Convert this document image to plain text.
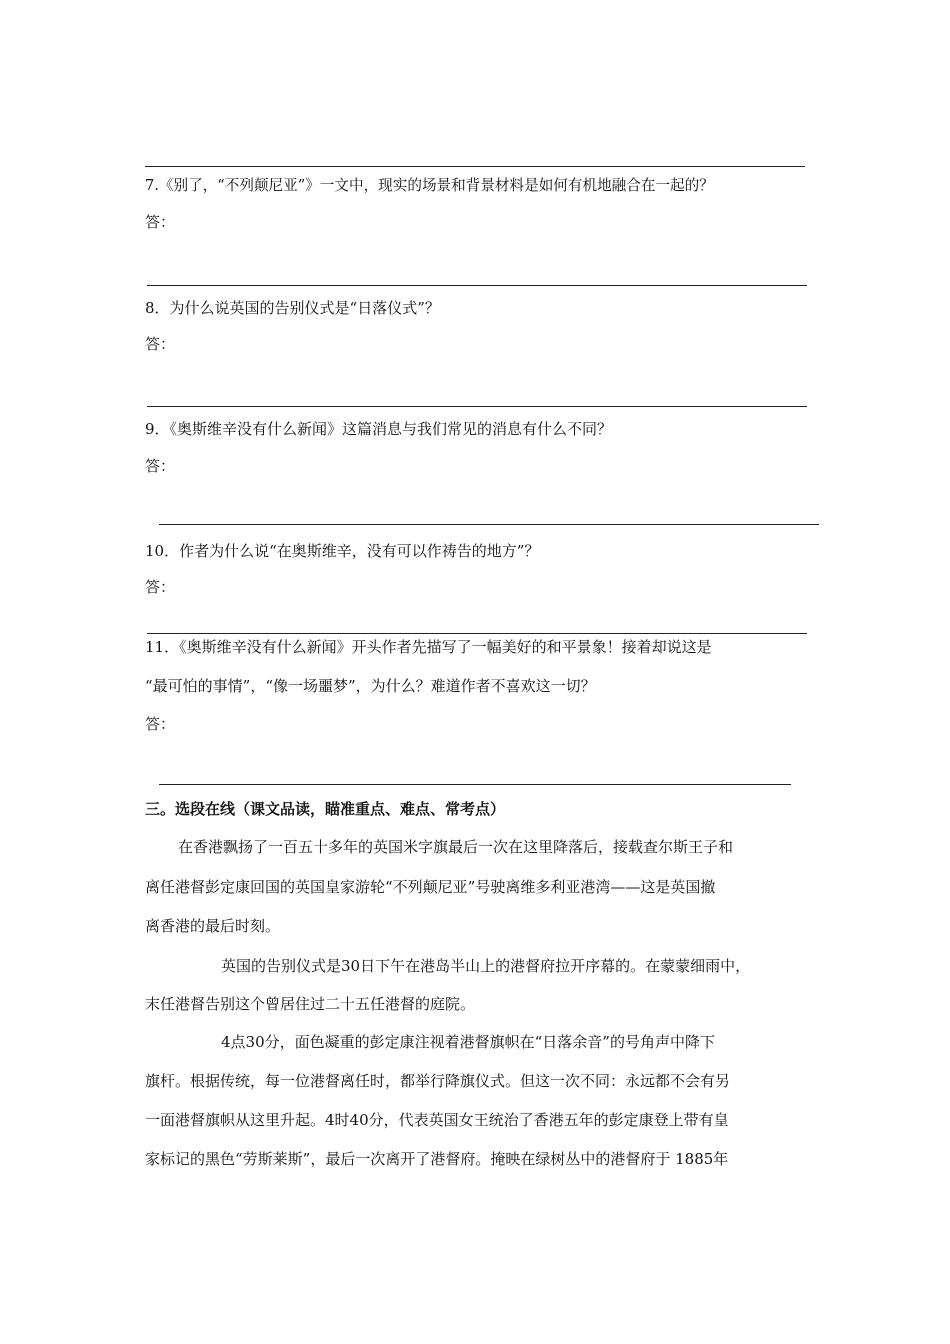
7.《别了，“不列颠尼亚”》一文中，现实的场景和背景材料是如何有机地融合在一起的？
答：
8．为什么说英国的告别仪式是“日落仪式”？
答：
9．《奥斯维辛没有什么新闻》这篇消息与我们常见的消息有什么不同？
答：
10．作者为什么说“在奥斯维辛，没有可以作祷告的地方”？
答：
11．《奥斯维辛没有什么新闻》开头作者先描写了一幅美好的和平景象！接着却说这是
“最可怕的事情”，“像一场噩梦”，为什么？难道作者不喜欢这一切？
答：
三。选段在线（课文品读，瞄准重点、难点、常考点）
在香港飘扬了一百五十多年的英国米字旗最后一次在这里降落后，接载查尔斯王子和
离任港督彭定康回国的英国皇家游轮“不列颠尼亚”号驶离维多利亚港湾——这是英国撤
离香港的最后时刻。
英国的告别仪式是30日下午在港岛半山上的港督府拉开序幕的。在蒙蒙细雨中，
末任港督告别这个曾居住过二十五任港督的庭院。
4点30分，面色凝重的彭定康注视着港督旗帜在“日落余音”的号角声中降下
旗杆。根据传统，每一位港督离任时，都举行降旗仪式。但这一次不同：永远都不会有另
一面港督旗帜从这里升起。4时40分，代表英国女王统治了香港五年的彭定康登上带有皇
家标记的黑色“劳斯莱斯”，最后一次离开了港督府。掩映在绿树丛中的港督府于 1885年
